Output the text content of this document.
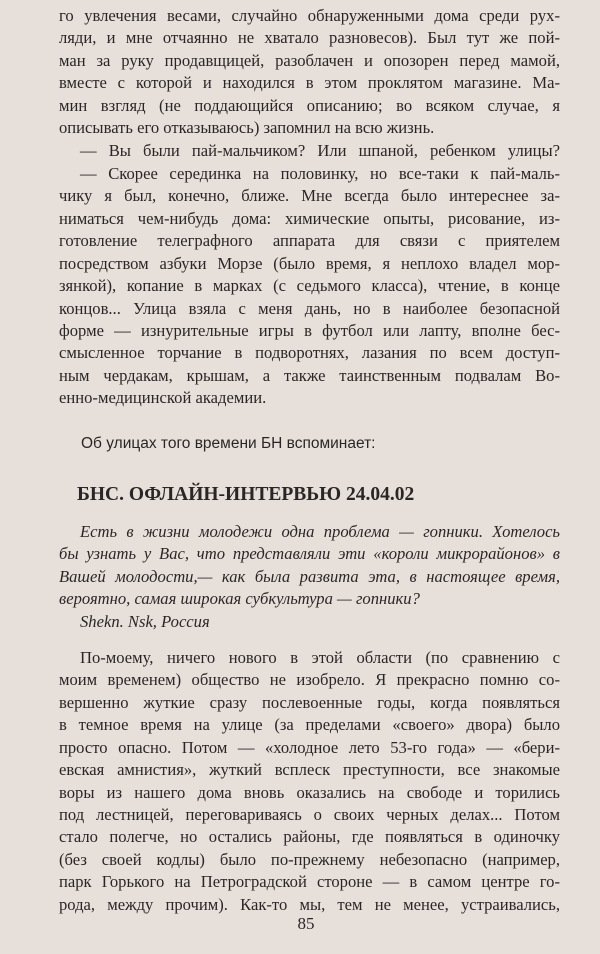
го увлечения весами, случайно обнаруженными дома среди рух-
ляди, и мне отчаянно не хватало разновесов). Был тут же пой-
ман за руку продавщицей, разоблачен и опозорен перед мамой,
вместе с которой и находился в этом проклятом магазине. Ма-
мин взгляд (не поддающийся описанию; во всяком случае, я
описывать его отказываюсь) запомнил на всю жизнь.
— Вы были пай-мальчиком? Или шпаной, ребенком улицы?
— Скорее серединка на половинку, но все-таки к пай-маль-
чику я был, конечно, ближе. Мне всегда было интереснее за-
ниматься чем-нибудь дома: химические опыты, рисование, из-
готовление телеграфного аппарата для связи с приятелем
посредством азбуки Морзе (было время, я неплохо владел мор-
зянкой), копание в марках (с седьмого класса), чтение, в конце
концов... Улица взяла с меня дань, но в наиболее безопасной
форме — изнурительные игры в футбол или лапту, вполне бес-
смысленное торчание в подворотнях, лазания по всем доступ-
ным чердакам, крышам, а также таинственным подвалам Во-
енно-медицинской академии.
Об улицах того времени БН вспоминает:
БНС. ОФЛАЙН-ИНТЕРВЬЮ 24.04.02
Есть в жизни молодежи одна проблема — гопники. Хотелось
бы узнать у Вас, что представляли эти «короли микрорайонов» в
Вашей молодости,— как была развита эта, в настоящее время,
вероятно, самая широкая субкультура — гопники?
Shekn. Nsk, Россия
По-моему, ничего нового в этой области (по сравнению с
моим временем) общество не изобрело. Я прекрасно помню со-
вершенно жуткие сразу послевоенные годы, когда появляться
в темное время на улице (за пределами «своего» двора) было
просто опасно. Потом — «холодное лето 53-го года» — «бери-
евская амнистия», жуткий всплеск преступности, все знакомые
воры из нашего дома вновь оказались на свободе и торились
под лестницей, переговариваясь о своих черных делах... Потом
стало полегче, но остались районы, где появляться в одиночку
(без своей кодлы) было по-прежнему небезопасно (например,
парк Горького на Петроградской стороне — в самом центре го-
рода, между прочим). Как-то мы, тем не менее, устраивались,
85
